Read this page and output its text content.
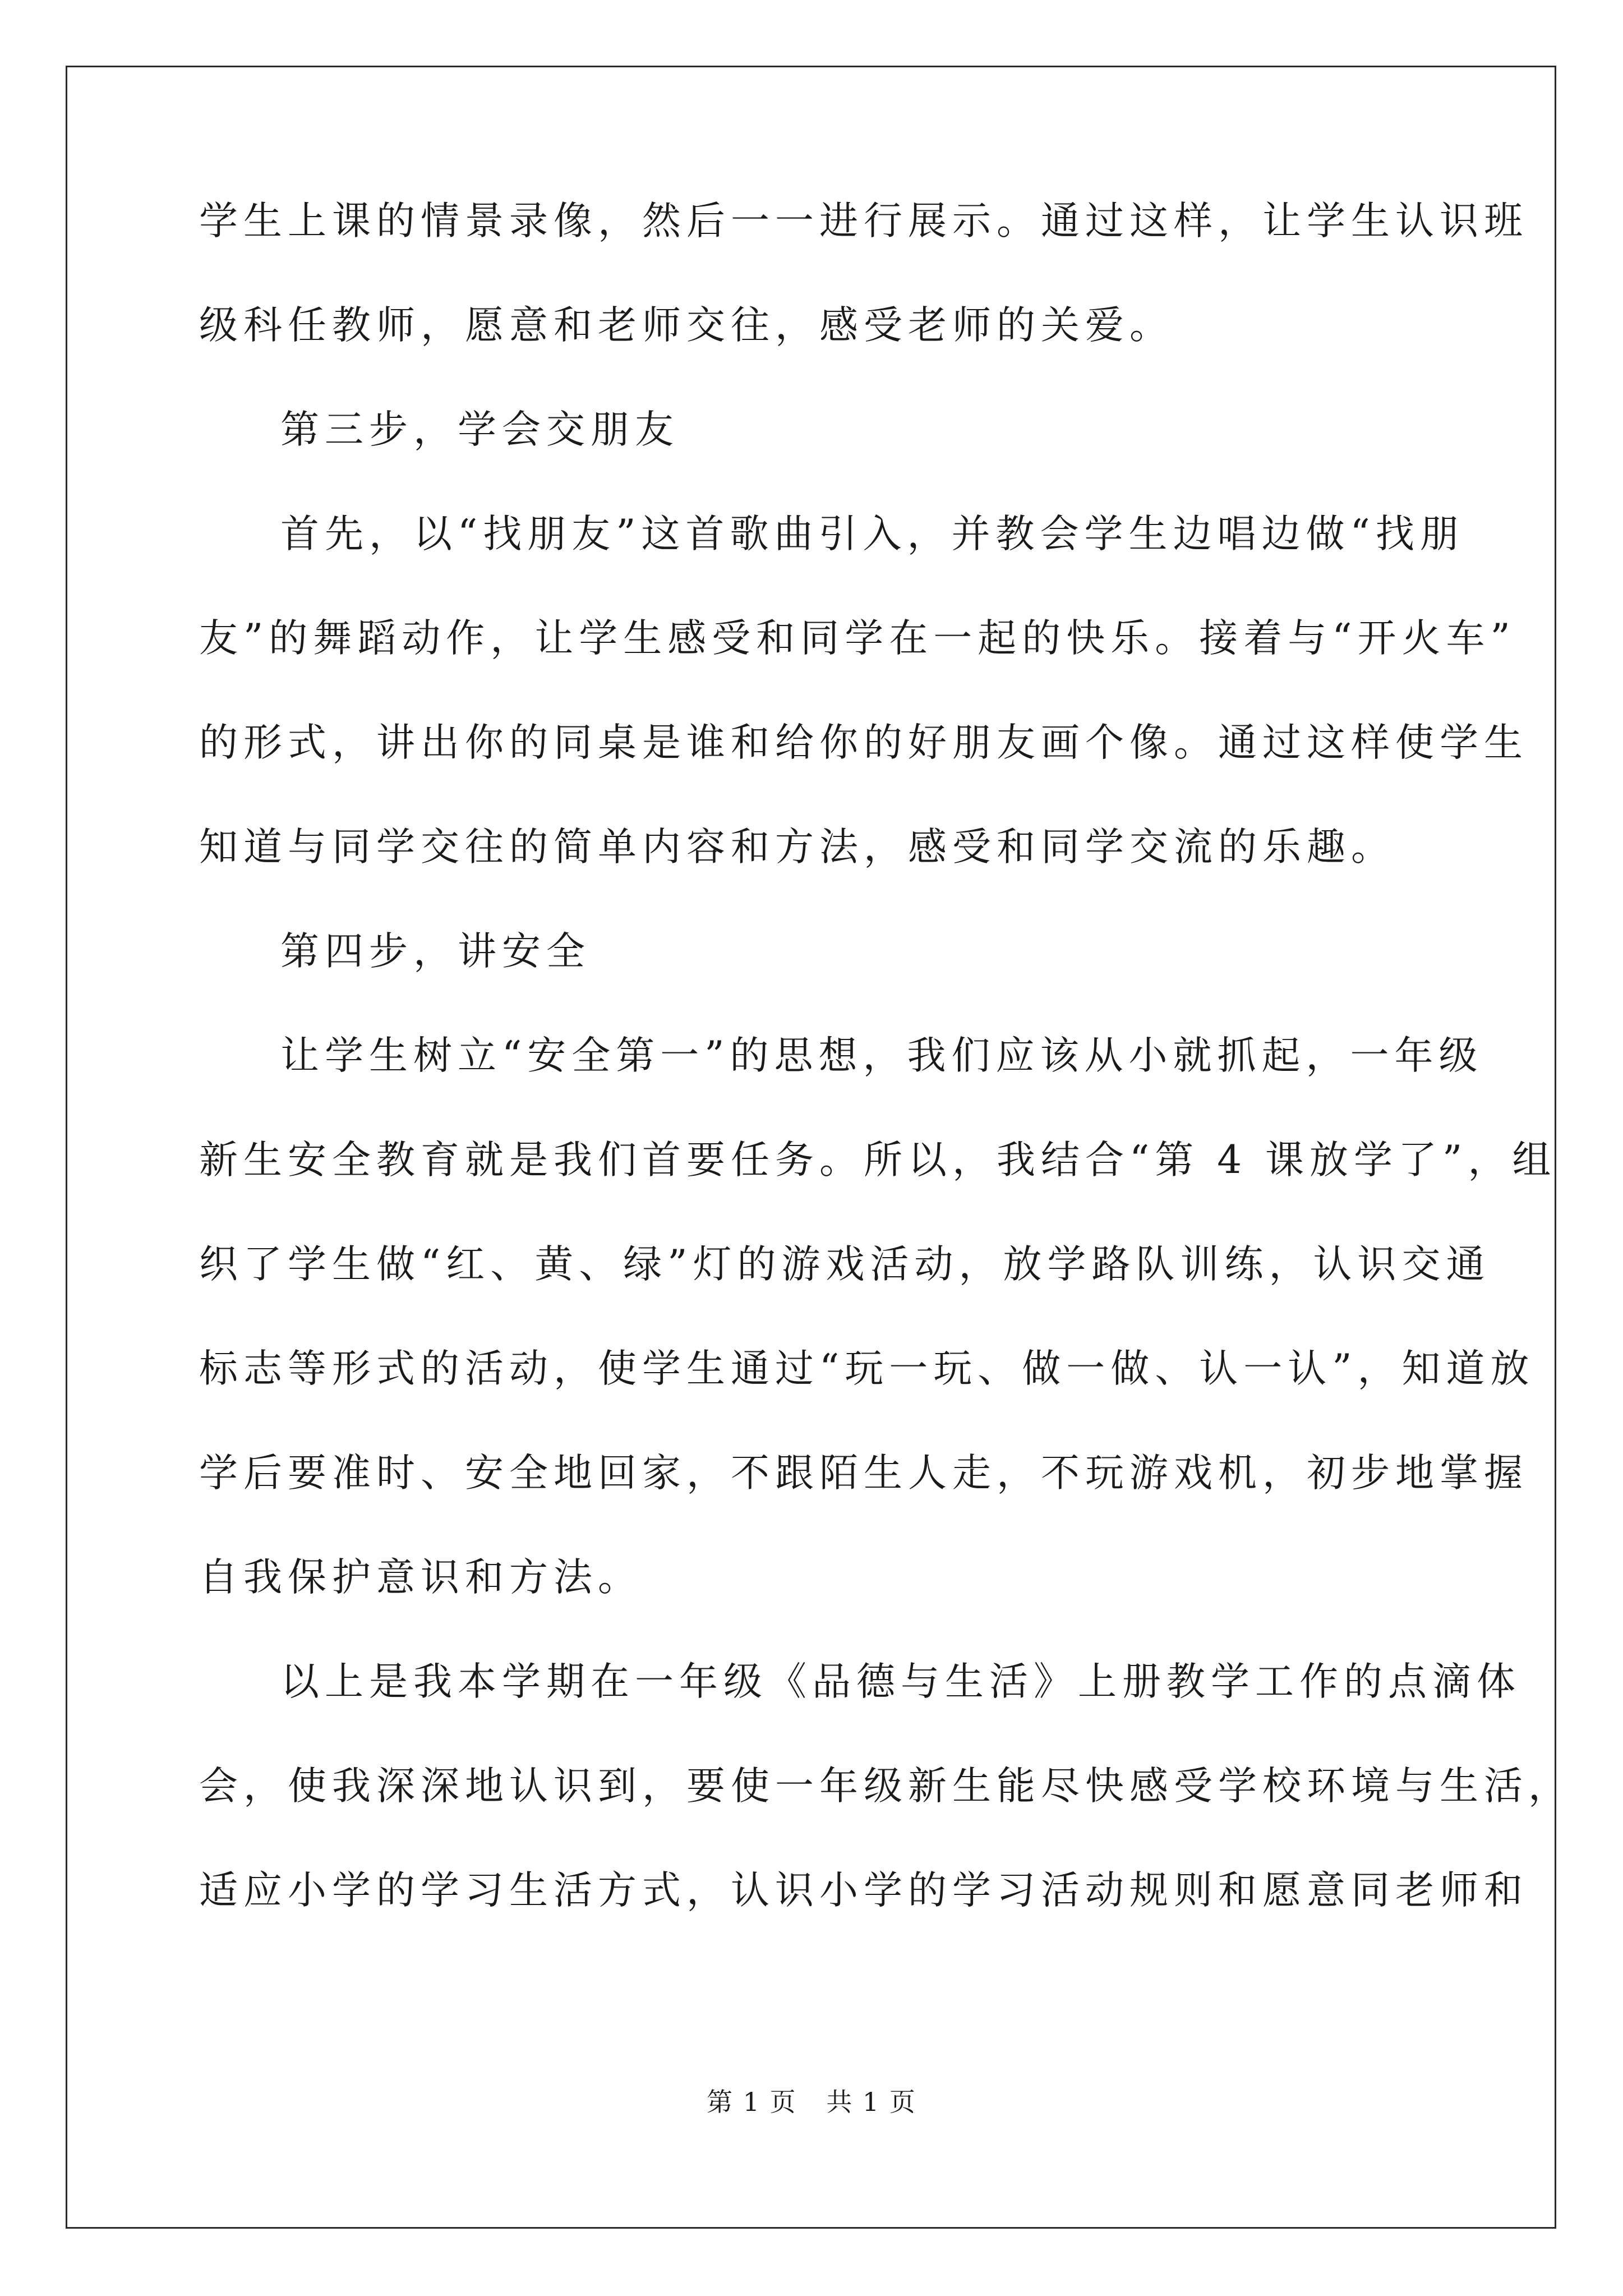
学生上课的情景录像，然后一一进行展示。通过这样，让学生认识班
级科任教师，愿意和老师交往，感受老师的关爱。
第三步，学会交朋友
首先，以“找朋友”这首歌曲引入，并教会学生边唱边做“找朋
友”的舞蹈动作，让学生感受和同学在一起的快乐。接着与“开火车”
的形式，讲出你的同桌是谁和给你的好朋友画个像。通过这样使学生
知道与同学交往的简单内容和方法，感受和同学交流的乐趣。
第四步，讲安全
让学生树立“安全第一”的思想，我们应该从小就抓起，一年级
新生安全教育就是我们首要任务。所以，我结合“第 4 课放学了”，组
织了学生做“红、黄、绿”灯的游戏活动，放学路队训练，认识交通
标志等形式的活动，使学生通过“玩一玩、做一做、认一认”，知道放
学后要准时、安全地回家，不跟陌生人走，不玩游戏机，初步地掌握
自我保护意识和方法。
以上是我本学期在一年级《品德与生活》上册教学工作的点滴体
会，使我深深地认识到，要使一年级新生能尽快感受学校环境与生活，
适应小学的学习生活方式，认识小学的学习活动规则和愿意同老师和
第 1 页 共 1 页
